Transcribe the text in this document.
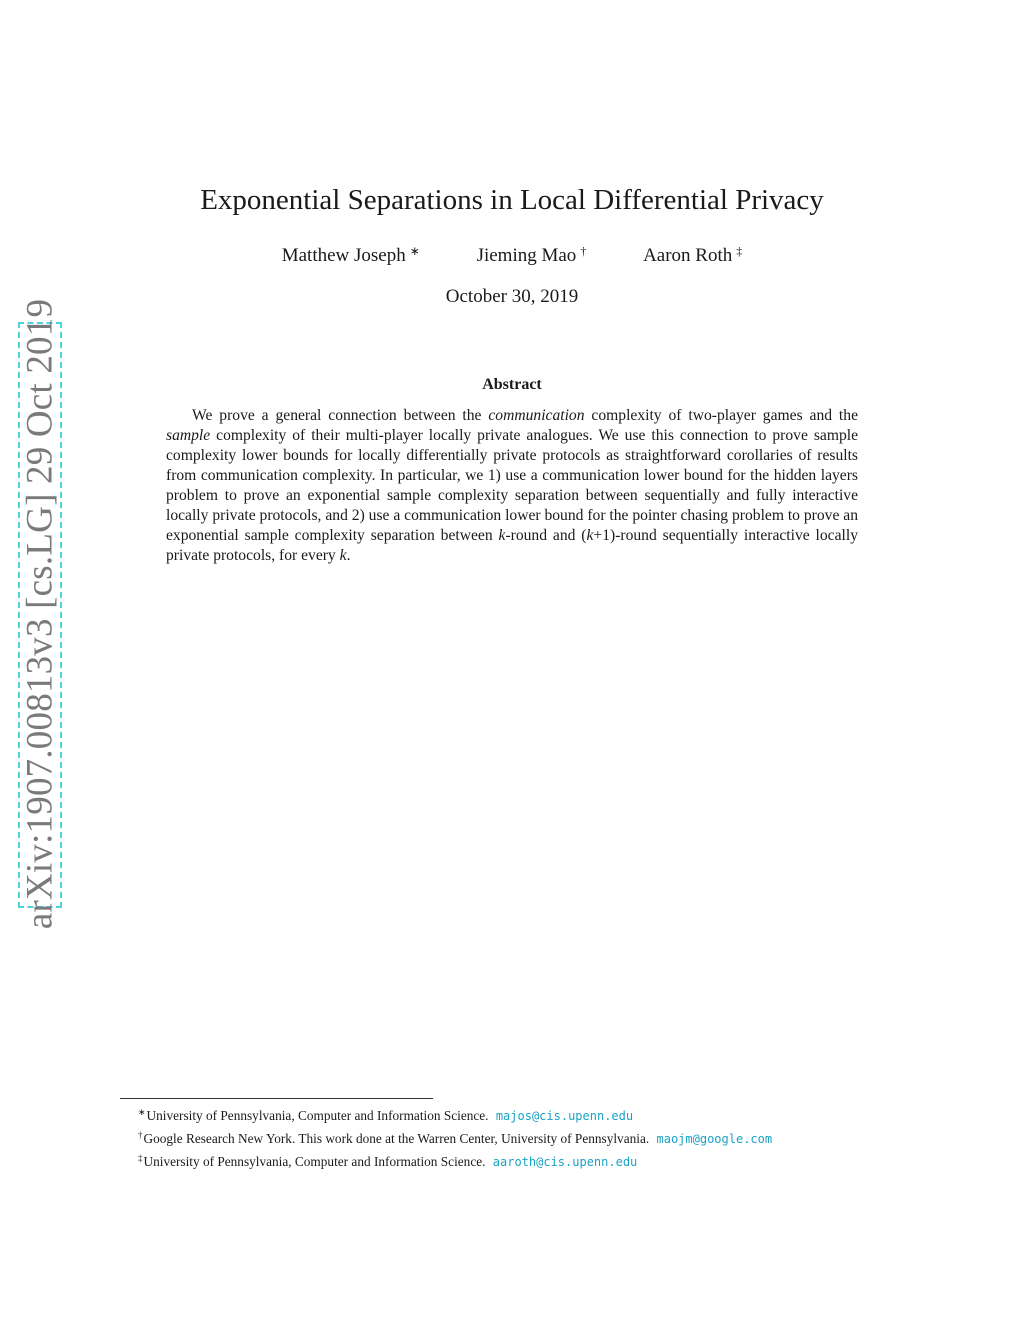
arXiv:1907.00813v3 [cs.LG] 29 Oct 2019
Exponential Separations in Local Differential Privacy
Matthew Joseph ∗	Jieming Mao †	Aaron Roth ‡
October 30, 2019
Abstract
We prove a general connection between the communication complexity of two-player games and the sample complexity of their multi-player locally private analogues. We use this connection to prove sample complexity lower bounds for locally differentially private protocols as straightforward corollaries of results from communication complexity. In particular, we 1) use a communication lower bound for the hidden layers problem to prove an exponential sample complexity separation between sequentially and fully interactive locally private protocols, and 2) use a communication lower bound for the pointer chasing problem to prove an exponential sample complexity separation between k-round and (k+1)-round sequentially interactive locally private protocols, for every k.
∗University of Pennsylvania, Computer and Information Science. majos@cis.upenn.edu
†Google Research New York. This work done at the Warren Center, University of Pennsylvania. maojm@google.com
‡University of Pennsylvania, Computer and Information Science. aaroth@cis.upenn.edu
